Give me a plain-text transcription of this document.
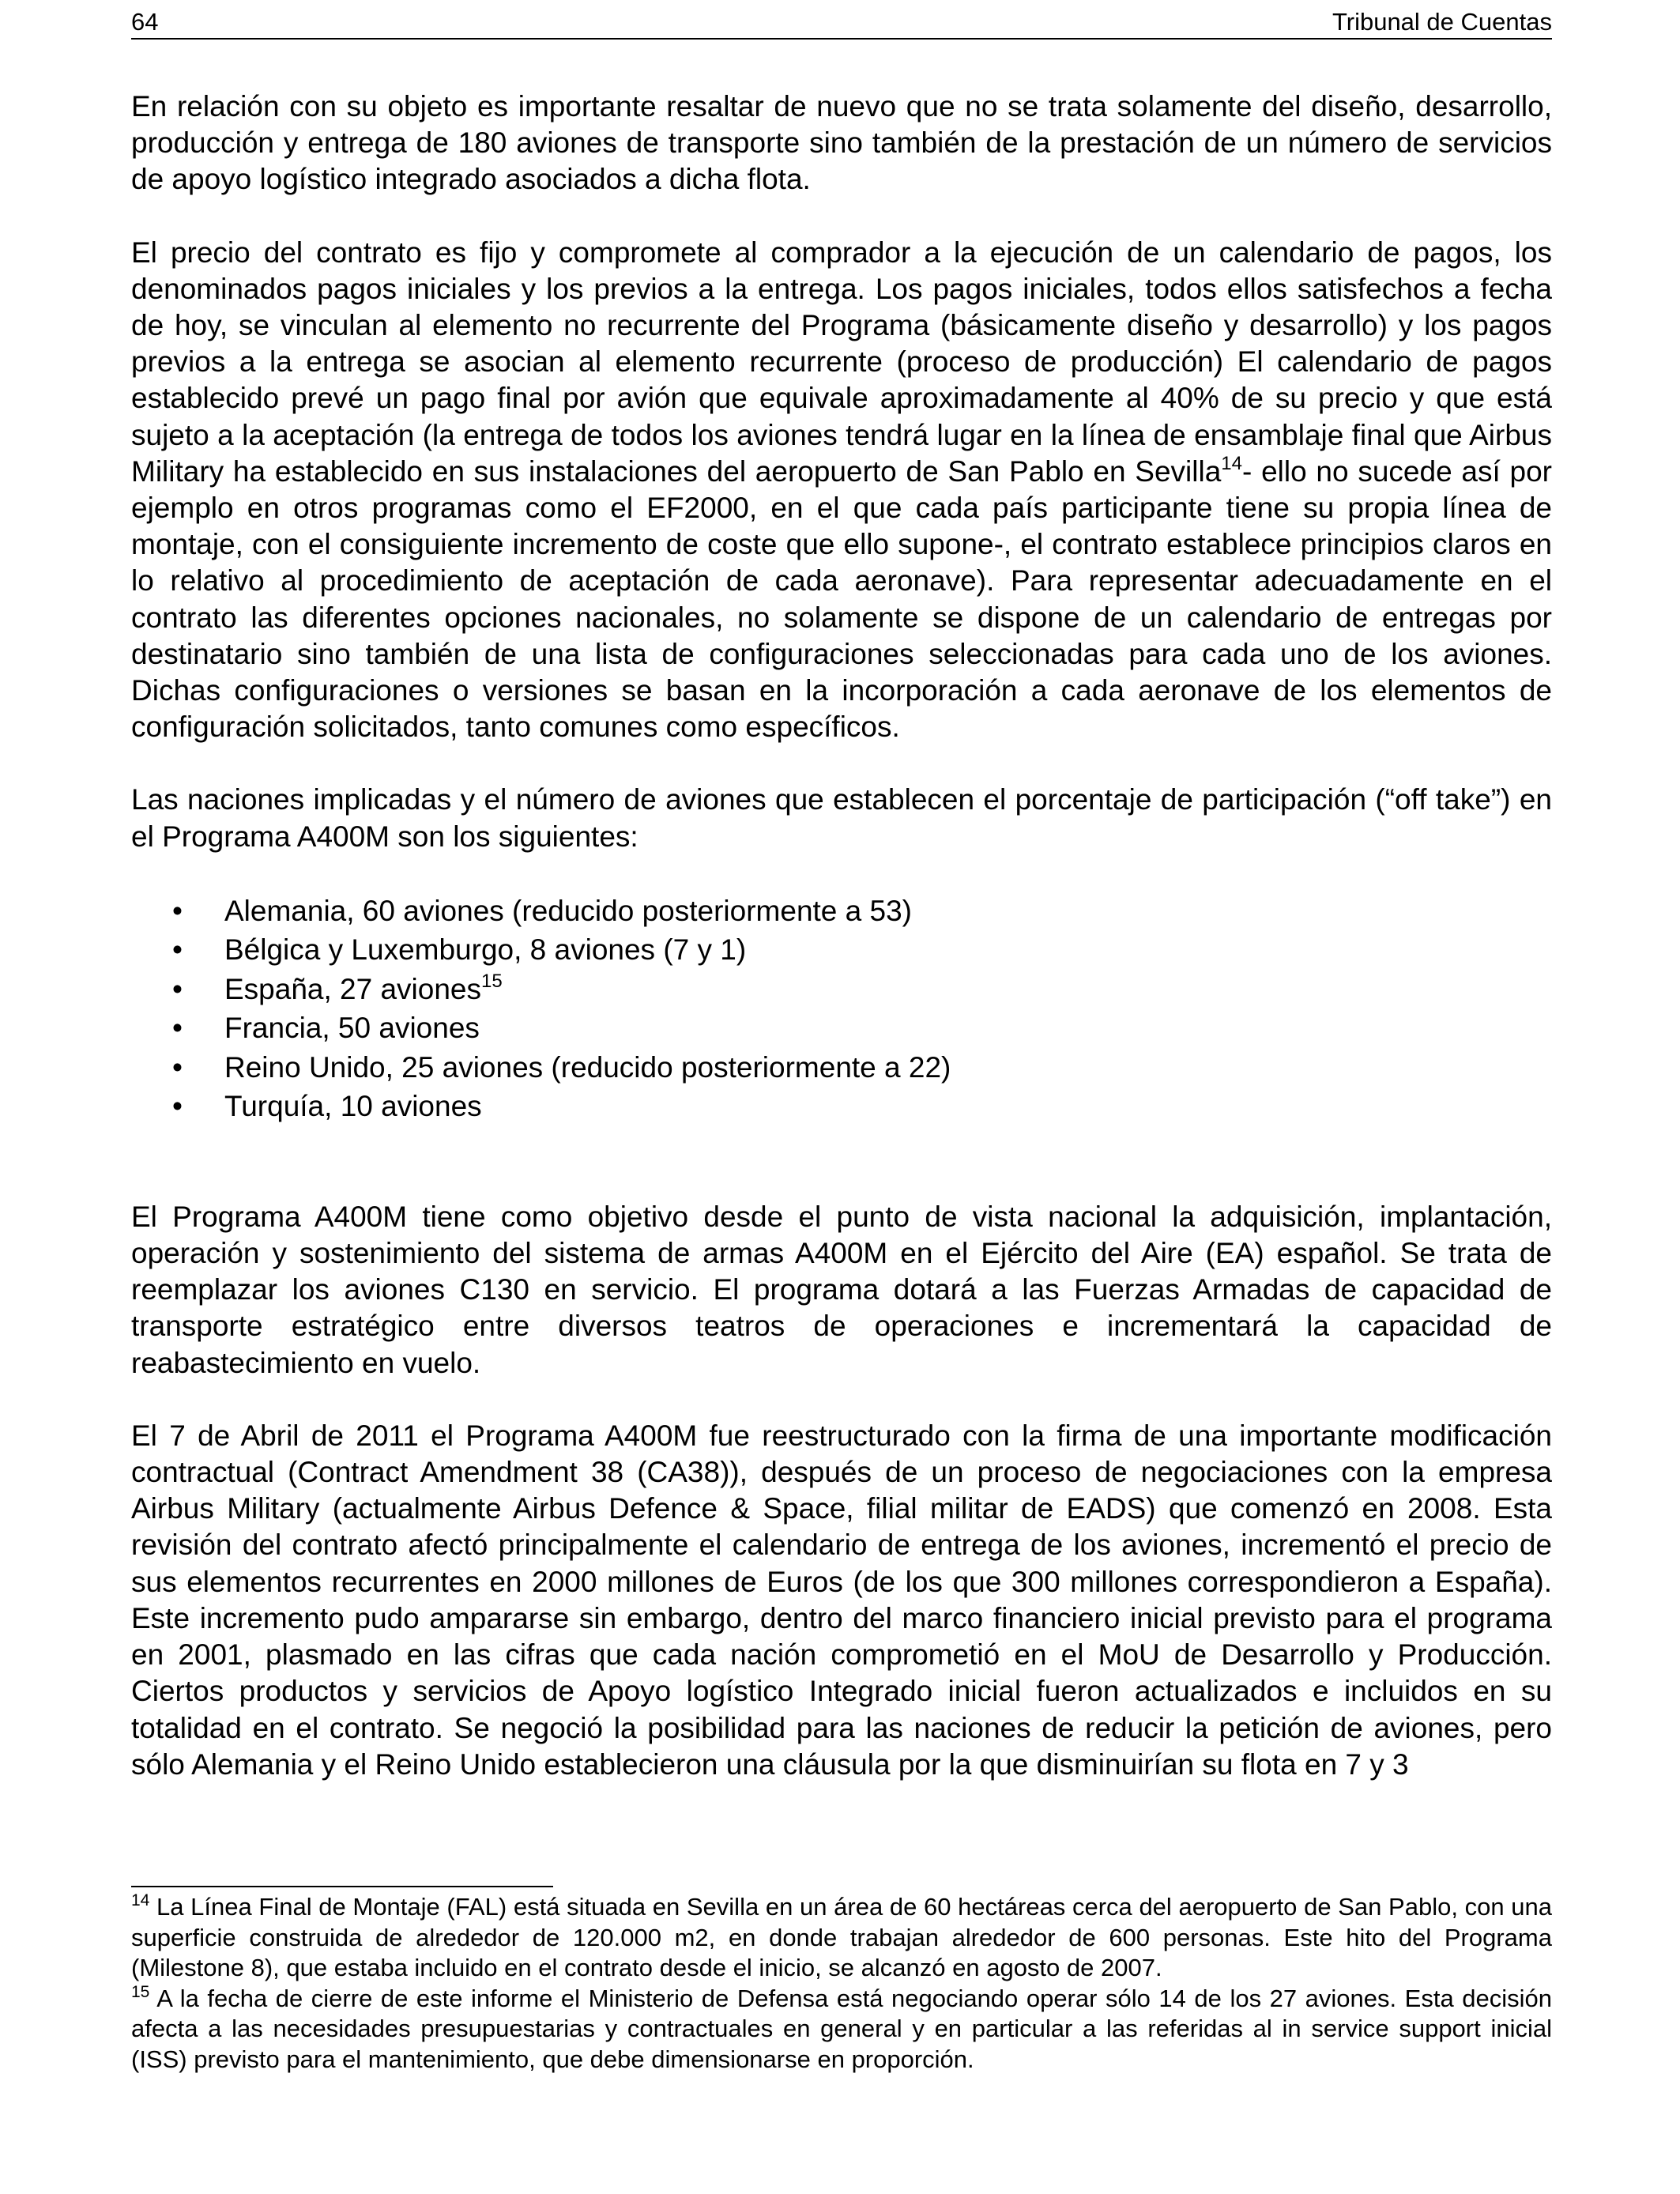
64	Tribunal de Cuentas

En relación con su objeto es importante resaltar de nuevo que no se trata solamente del diseño, desarrollo, producción y entrega de 180 aviones de transporte sino también de la prestación de un número de servicios de apoyo logístico integrado asociados a dicha flota.

El precio del contrato es fijo y compromete al comprador a la ejecución de un calendario de pagos, los denominados pagos iniciales y los previos a la entrega. Los pagos iniciales, todos ellos satisfechos a fecha de hoy, se vinculan al elemento no recurrente del Programa (básicamente diseño y desarrollo) y los pagos previos a la entrega se asocian al elemento recurrente (proceso de producción) El calendario de pagos establecido prevé un pago final por avión que equivale aproximadamente al 40% de su precio y que está sujeto a la aceptación (la entrega de todos los aviones tendrá lugar en la línea de ensamblaje final que Airbus Military ha establecido en sus instalaciones del aeropuerto de San Pablo en Sevilla$^{14}$- ello no sucede así por ejemplo en otros programas como el EF2000, en el que cada país participante tiene su propia línea de montaje, con el consiguiente incremento de coste que ello supone-, el contrato establece principios claros en lo relativo al procedimiento de aceptación de cada aeronave). Para representar adecuadamente en el contrato las diferentes opciones nacionales, no solamente se dispone de un calendario de entregas por destinatario sino también de una lista de configuraciones seleccionadas para cada uno de los aviones. Dichas configuraciones o versiones se basan en la incorporación a cada aeronave de los elementos de configuración solicitados, tanto comunes como específicos.

Las naciones implicadas y el número de aviones que establecen el porcentaje de participación (“off take”) en el Programa A400M son los siguientes:

• Alemania, 60 aviones (reducido posteriormente a 53)
• Bélgica y Luxemburgo, 8 aviones (7 y 1)
• España, 27 aviones$^{15}$
• Francia, 50 aviones
• Reino Unido, 25 aviones (reducido posteriormente a 22)
• Turquía, 10 aviones

El Programa A400M tiene como objetivo desde el punto de vista nacional la adquisición, implantación, operación y sostenimiento del sistema de armas A400M en el Ejército del Aire (EA) español. Se trata de reemplazar los aviones C130 en servicio. El programa dotará a las Fuerzas Armadas de capacidad de transporte estratégico entre diversos teatros de operaciones e incrementará la capacidad de reabastecimiento en vuelo.

El 7 de Abril de 2011 el Programa A400M fue reestructurado con la firma de una importante modificación contractual (Contract Amendment 38 (CA38)), después de un proceso de negociaciones con la empresa Airbus Military (actualmente Airbus Defence & Space, filial militar de EADS) que comenzó en 2008. Esta revisión del contrato afectó principalmente el calendario de entrega de los aviones, incrementó el precio de sus elementos recurrentes en 2000 millones de Euros (de los que 300 millones correspondieron a España). Este incremento pudo ampararse sin embargo, dentro del marco financiero inicial previsto para el programa en 2001, plasmado en las cifras que cada nación comprometió en el MoU de Desarrollo y Producción. Ciertos productos y servicios de Apoyo logístico Integrado inicial fueron actualizados e incluidos en su totalidad en el contrato. Se negoció la posibilidad para las naciones de reducir la petición de aviones, pero sólo Alemania y el Reino Unido establecieron una cláusula por la que disminuirían su flota en 7 y 3

$^{14}$ La Línea Final de Montaje (FAL) está situada en Sevilla en un área de 60 hectáreas cerca del aeropuerto de San Pablo, con una superficie construida de alrededor de 120.000 m2, en donde trabajan alrededor de 600 personas. Este hito del Programa (Milestone 8), que estaba incluido en el contrato desde el inicio, se alcanzó en agosto de 2007.

$^{15}$ A la fecha de cierre de este informe el Ministerio de Defensa está negociando operar sólo 14 de los 27 aviones. Esta decisión afecta a las necesidades presupuestarias y contractuales en general y en particular a las referidas al in service support inicial (ISS) previsto para el mantenimiento, que debe dimensionarse en proporción.
